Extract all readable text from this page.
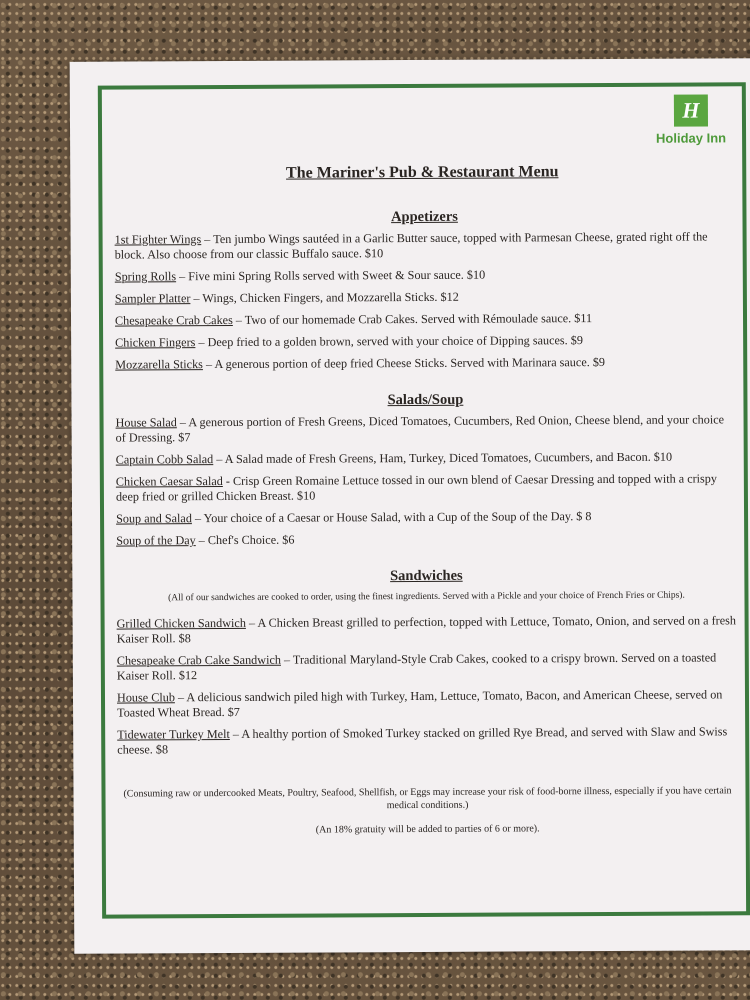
H
Holiday Inn
The Mariner's Pub & Restaurant Menu
Appetizers
1st Fighter Wings – Ten jumbo Wings sautéed in a Garlic Butter sauce, topped with Parmesan Cheese, grated right off the block. Also choose from our classic Buffalo sauce. $10
Spring Rolls – Five mini Spring Rolls served with Sweet & Sour sauce. $10
Sampler Platter – Wings, Chicken Fingers, and Mozzarella Sticks. $12
Chesapeake Crab Cakes – Two of our homemade Crab Cakes. Served with Rémoulade sauce. $11
Chicken Fingers – Deep fried to a golden brown, served with your choice of Dipping sauces. $9
Mozzarella Sticks – A generous portion of deep fried Cheese Sticks. Served with Marinara sauce. $9
Salads/Soup
House Salad – A generous portion of Fresh Greens, Diced Tomatoes, Cucumbers, Red Onion, Cheese blend, and your choice of Dressing. $7
Captain Cobb Salad – A Salad made of Fresh Greens, Ham, Turkey, Diced Tomatoes, Cucumbers, and Bacon. $10
Chicken Caesar Salad - Crisp Green Romaine Lettuce tossed in our own blend of Caesar Dressing and topped with a crispy deep fried or grilled Chicken Breast. $10
Soup and Salad – Your choice of a Caesar or House Salad, with a Cup of the Soup of the Day. $ 8
Soup of the Day – Chef's Choice. $6
Sandwiches
(All of our sandwiches are cooked to order, using the finest ingredients. Served with a Pickle and your choice of French Fries or Chips).
Grilled Chicken Sandwich – A Chicken Breast grilled to perfection, topped with Lettuce, Tomato, Onion, and served on a fresh Kaiser Roll. $8
Chesapeake Crab Cake Sandwich – Traditional Maryland-Style Crab Cakes, cooked to a crispy brown. Served on a toasted Kaiser Roll. $12
House Club – A delicious sandwich piled high with Turkey, Ham, Lettuce, Tomato, Bacon, and American Cheese, served on Toasted Wheat Bread. $7
Tidewater Turkey Melt – A healthy portion of Smoked Turkey stacked on grilled Rye Bread, and served with Slaw and Swiss cheese. $8
(Consuming raw or undercooked Meats, Poultry, Seafood, Shellfish, or Eggs may increase your risk of food-borne illness, especially if you have certain medical conditions.)
(An 18% gratuity will be added to parties of 6 or more).
